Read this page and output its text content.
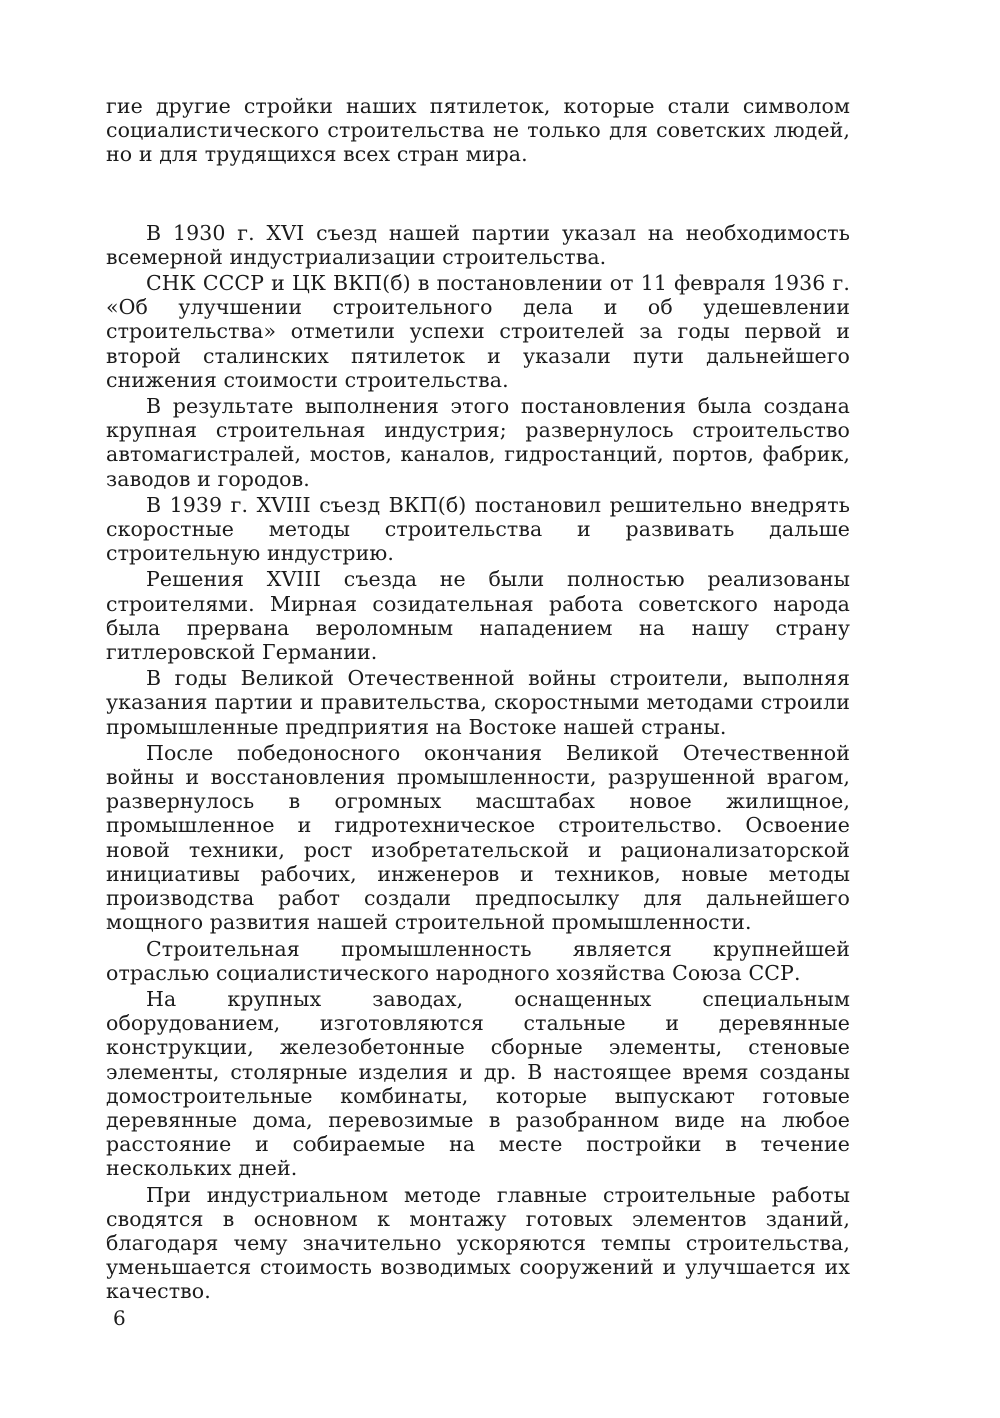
гие другие стройки наших пятилеток, которые стали символом социалистического строительства не только для советских людей, но и для трудящихся всех стран мира.

В 1930 г. XVI съезд нашей партии указал на необходимость всемерной индустриализации строительства.

СНК СССР и ЦК ВКП(б) в постановлении от 11 февраля 1936 г. «Об улучшении строительного дела и об удешевлении строительства» отметили успехи строителей за годы первой и второй сталинских пятилеток и указали пути дальнейшего снижения стоимости строительства.

В результате выполнения этого постановления была создана крупная строительная индустрия; развернулось строительство автомагистралей, мостов, каналов, гидростанций, портов, фабрик, заводов и городов.

В 1939 г. XVIII съезд ВКП(б) постановил решительно внедрять скоростные методы строительства и развивать дальше строительную индустрию.

Решения XVIII съезда не были полностью реализованы строителями. Мирная созидательная работа советского народа была прервана вероломным нападением на нашу страну гитлеровской Германии.

В годы Великой Отечественной войны строители, выполняя указания партии и правительства, скоростными методами строили промышленные предприятия на Востоке нашей страны.

После победоносного окончания Великой Отечественной войны и восстановления промышленности, разрушенной врагом, развернулось в огромных масштабах новое жилищное, промышленное и гидротехническое строительство. Освоение новой техники, рост изобретательской и рационализаторской инициативы рабочих, инженеров и техников, новые методы производства работ создали предпосылку для дальнейшего мощного развития нашей строительной промышленности.

Строительная промышленность является крупнейшей отраслью социалистического народного хозяйства Союза ССР.

На крупных заводах, оснащенных специальным оборудованием, изготовляются стальные и деревянные конструкции, железобетонные сборные элементы, стеновые элементы, столярные изделия и др. В настоящее время созданы домостроительные комбинаты, которые выпускают готовые деревянные дома, перевозимые в разобранном виде на любое расстояние и собираемые на месте постройки в течение нескольких дней.

При индустриальном методе главные строительные работы сводятся в основном к монтажу готовых элементов зданий, благодаря чему значительно ускоряются темпы строительства, уменьшается стоимость возводимых сооружений и улучшается их качество.

6
